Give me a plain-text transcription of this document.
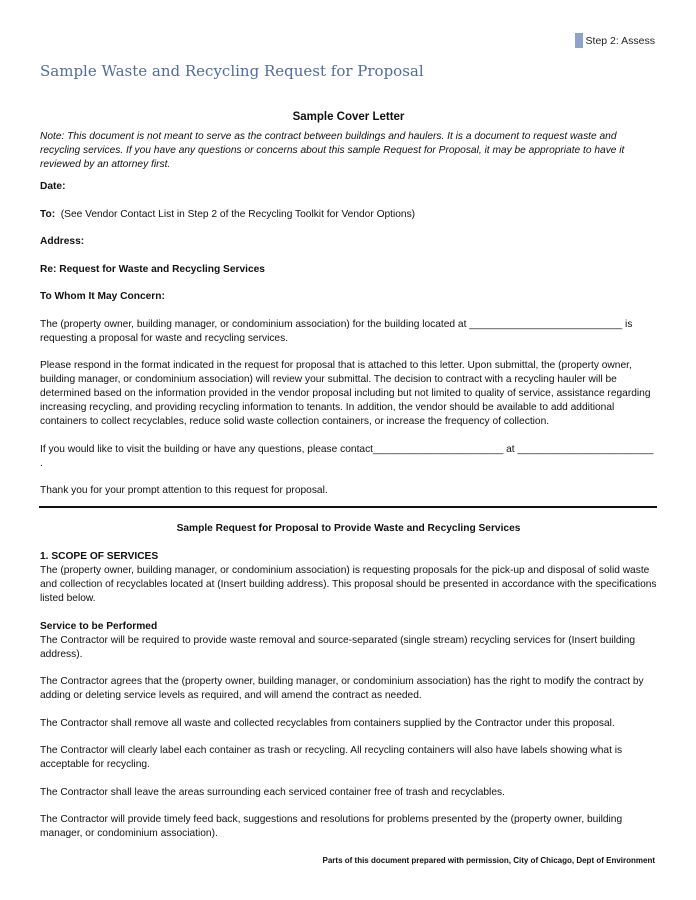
Step 2: Assess
Sample Waste and Recycling Request for Proposal
Sample Cover Letter

Note: This document is not meant to serve as the contract between buildings and haulers. It is a document to request waste and recycling services. If you have any questions or concerns about this sample Request for Proposal, it may be appropriate to have it reviewed by an attorney first.

Date:

To: (See Vendor Contact List in Step 2 of the Recycling Toolkit for Vendor Options)

Address:

Re: Request for Waste and Recycling Services

To Whom It May Concern:

The (property owner, building manager, or condominium association) for the building located at ___________________________ is requesting a proposal for waste and recycling services.

Please respond in the format indicated in the request for proposal that is attached to this letter. Upon submittal, the (property owner, building manager, or condominium association) will review your submittal. The decision to contract with a recycling hauler will be determined based on the information provided in the vendor proposal including but not limited to quality of service, assistance regarding increasing recycling, and providing recycling information to tenants. In addition, the vendor should be available to add additional containers to collect recyclables, reduce solid waste collection containers, or increase the frequency of collection.

If you would like to visit the building or have any questions, please contact_______________________ at ________________________ .

Thank you for your prompt attention to this request for proposal.

Sample Request for Proposal to Provide Waste and Recycling Services
1. SCOPE OF SERVICES

The (property owner, building manager, or condominium association) is requesting proposals for the pick-up and disposal of solid waste and collection of recyclables located at (Insert building address). This proposal should be presented in accordance with the specifications listed below.

Service to be Performed

The Contractor will be required to provide waste removal and source-separated (single stream) recycling services for (Insert building address).

The Contractor agrees that the (property owner, building manager, or condominium association) has the right to modify the contract by adding or deleting service levels as required, and will amend the contract as needed.

The Contractor shall remove all waste and collected recyclables from containers supplied by the Contractor under this proposal.

The Contractor will clearly label each container as trash or recycling. All recycling containers will also have labels showing what is acceptable for recycling.

The Contractor shall leave the areas surrounding each serviced container free of trash and recyclables.

The Contractor will provide timely feed back, suggestions and resolutions for problems presented by the (property owner, building manager, or condominium association).

Parts of this document prepared with permission, City of Chicago, Dept of Environment
